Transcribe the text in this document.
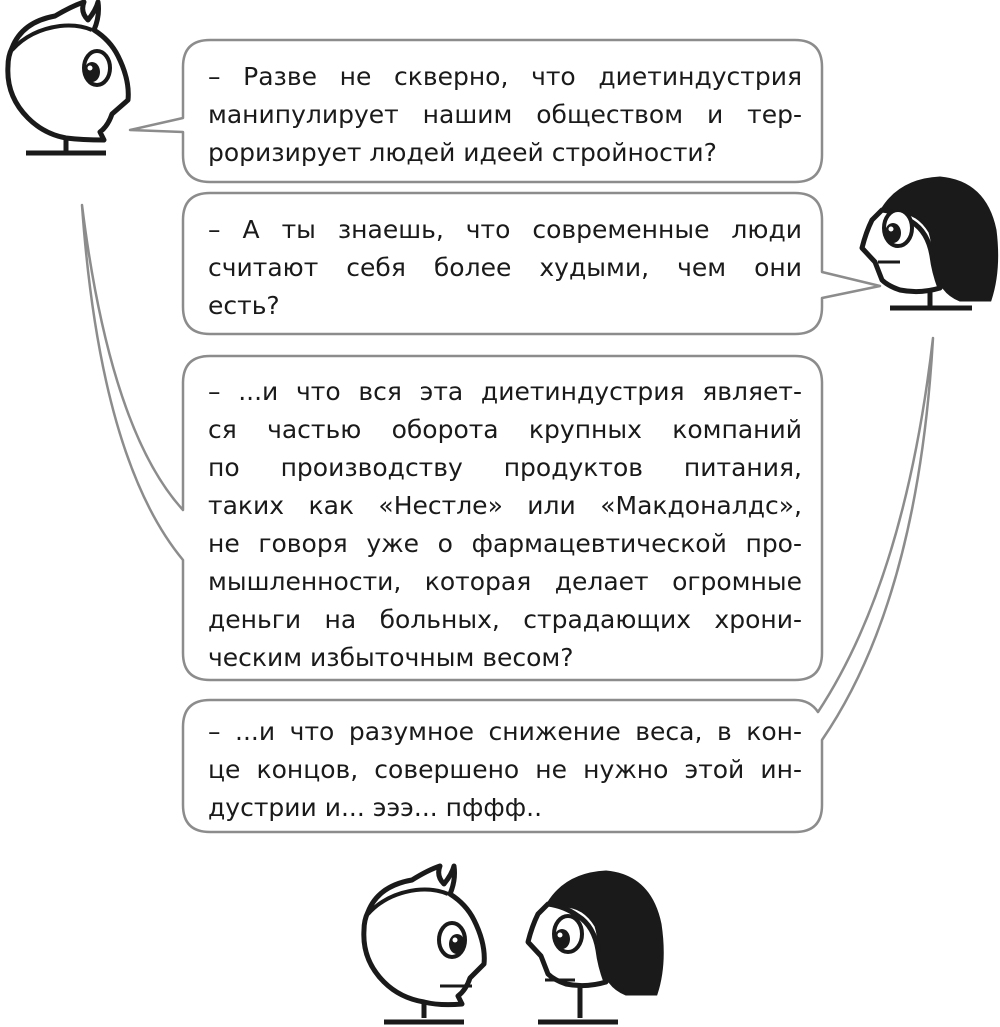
– Разве не скверно, что диетиндустрия
манипулирует нашим обществом и тер-
роризирует людей идеей стройности?
– А ты знаешь, что современные люди
считают себя более худыми, чем они
есть?
– ...и что вся эта диетиндустрия являет-
ся частью оборота крупных компаний
по производству продуктов питания,
таких как «Нестле» или «Макдоналдс»,
не говоря уже о фармацевтической про-
мышленности, которая делает огромные
деньги на больных, страдающих хрони-
ческим избыточным весом?
– ...и что разумное снижение веса, в кон-
це концов, совершено не нужно этой ин-
дустрии и... эээ... пффф..
